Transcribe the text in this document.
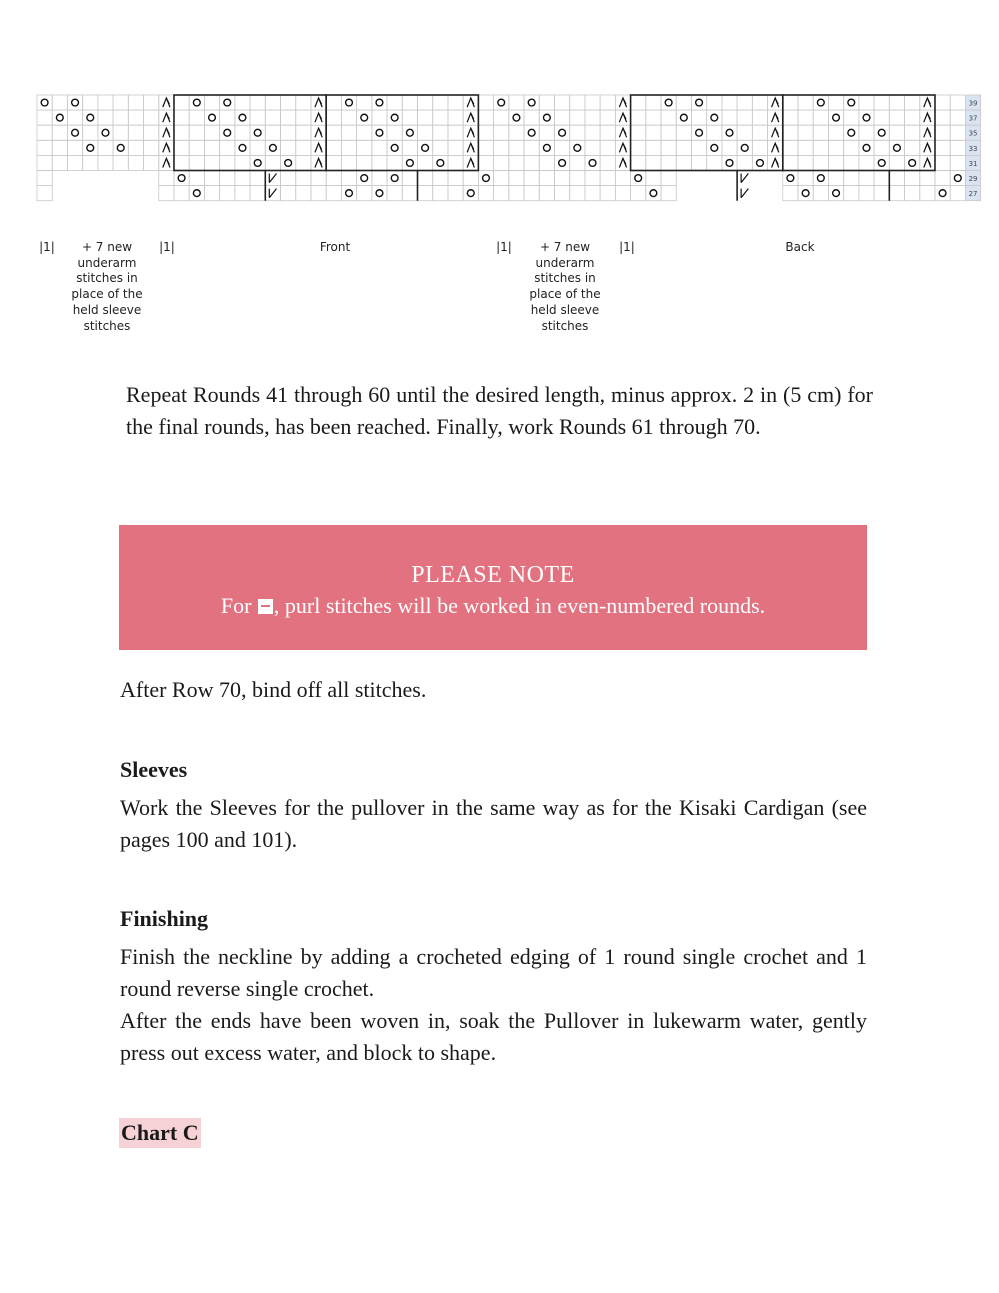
39
37
35
33
31
29
27
|1|	+ 7 new underarm stitches in place of the held sleeve stitches
|1|	Front	|1|	+ 7 new underarm stitches in place of the held sleeve stitches
|1|	Back

Repeat Rounds 41 through 60 until the desired length, minus approx. 2 in (5 cm) for the final rounds, has been reached. Finally, work Rounds 61 through 70.

PLEASE NOTE
For , purl stitches will be worked in even-numbered rounds.

After Row 70, bind off all stitches.

Sleeves

Work the Sleeves for the pullover in the same way as for the Kisaki Cardigan (see pages 100 and 101).

Finishing

Finish the neckline by adding a crocheted edging of 1 round single crochet and 1 round reverse single crochet.

After the ends have been woven in, soak the Pullover in lukewarm water, gently press out excess water, and block to shape.

Chart C
